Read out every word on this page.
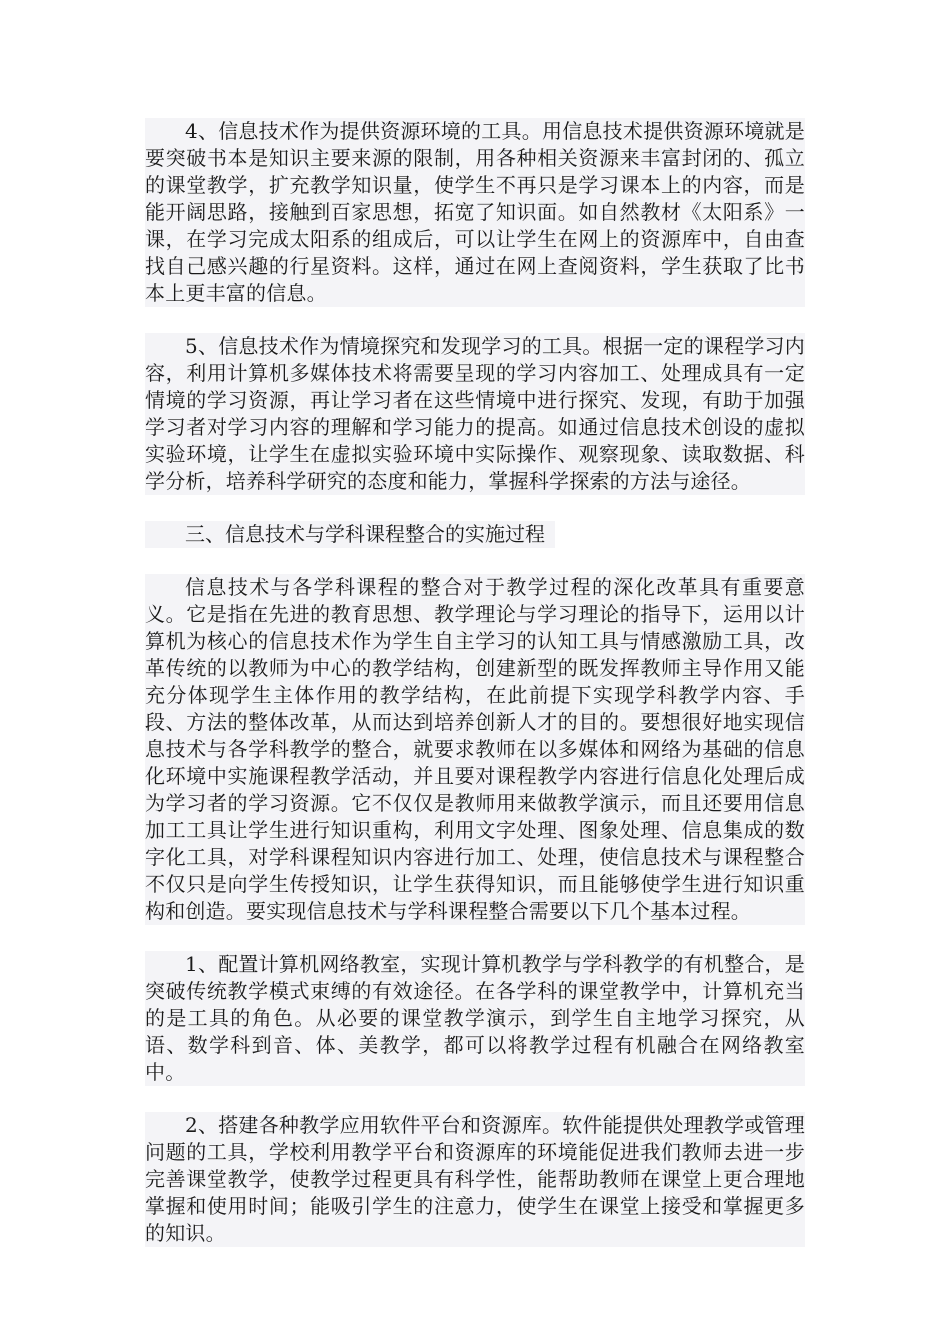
4、信息技术作为提供资源环境的工具。用信息技术提供资源环境就是要突破书本是知识主要来源的限制，用各种相关资源来丰富封闭的、孤立的课堂教学，扩充教学知识量，使学生不再只是学习课本上的内容，而是能开阔思路，接触到百家思想，拓宽了知识面。如自然教材《太阳系》一课，在学习完成太阳系的组成后，可以让学生在网上的资源库中，自由查找自己感兴趣的行星资料。这样，通过在网上查阅资料，学生获取了比书本上更丰富的信息。

5、信息技术作为情境探究和发现学习的工具。根据一定的课程学习内容，利用计算机多媒体技术将需要呈现的学习内容加工、处理成具有一定情境的学习资源，再让学习者在这些情境中进行探究、发现，有助于加强学习者对学习内容的理解和学习能力的提高。如通过信息技术创设的虚拟实验环境，让学生在虚拟实验环境中实际操作、观察现象、读取数据、科学分析，培养科学研究的态度和能力，掌握科学探索的方法与途径。

三、信息技术与学科课程整合的实施过程

信息技术与各学科课程的整合对于教学过程的深化改革具有重要意义。它是指在先进的教育思想、教学理论与学习理论的指导下，运用以计算机为核心的信息技术作为学生自主学习的认知工具与情感激励工具，改革传统的以教师为中心的教学结构，创建新型的既发挥教师主导作用又能充分体现学生主体作用的教学结构，在此前提下实现学科教学内容、手段、方法的整体改革，从而达到培养创新人才的目的。要想很好地实现信息技术与各学科教学的整合，就要求教师在以多媒体和网络为基础的信息化环境中实施课程教学活动，并且要对课程教学内容进行信息化处理后成为学习者的学习资源。它不仅仅是教师用来做教学演示，而且还要用信息加工工具让学生进行知识重构，利用文字处理、图象处理、信息集成的数字化工具，对学科课程知识内容进行加工、处理，使信息技术与课程整合不仅只是向学生传授知识，让学生获得知识，而且能够使学生进行知识重构和创造。要实现信息技术与学科课程整合需要以下几个基本过程。

1、配置计算机网络教室，实现计算机教学与学科教学的有机整合，是突破传统教学模式束缚的有效途径。在各学科的课堂教学中，计算机充当的是工具的角色。从必要的课堂教学演示，到学生自主地学习探究，从语、数学科到音、体、美教学，都可以将教学过程有机融合在网络教室中。

2、搭建各种教学应用软件平台和资源库。软件能提供处理教学或管理问题的工具，学校利用教学平台和资源库的环境能促进我们教师去进一步完善课堂教学，使教学过程更具有科学性，能帮助教师在课堂上更合理地掌握和使用时间；能吸引学生的注意力，使学生在课堂上接受和掌握更多的知识。
